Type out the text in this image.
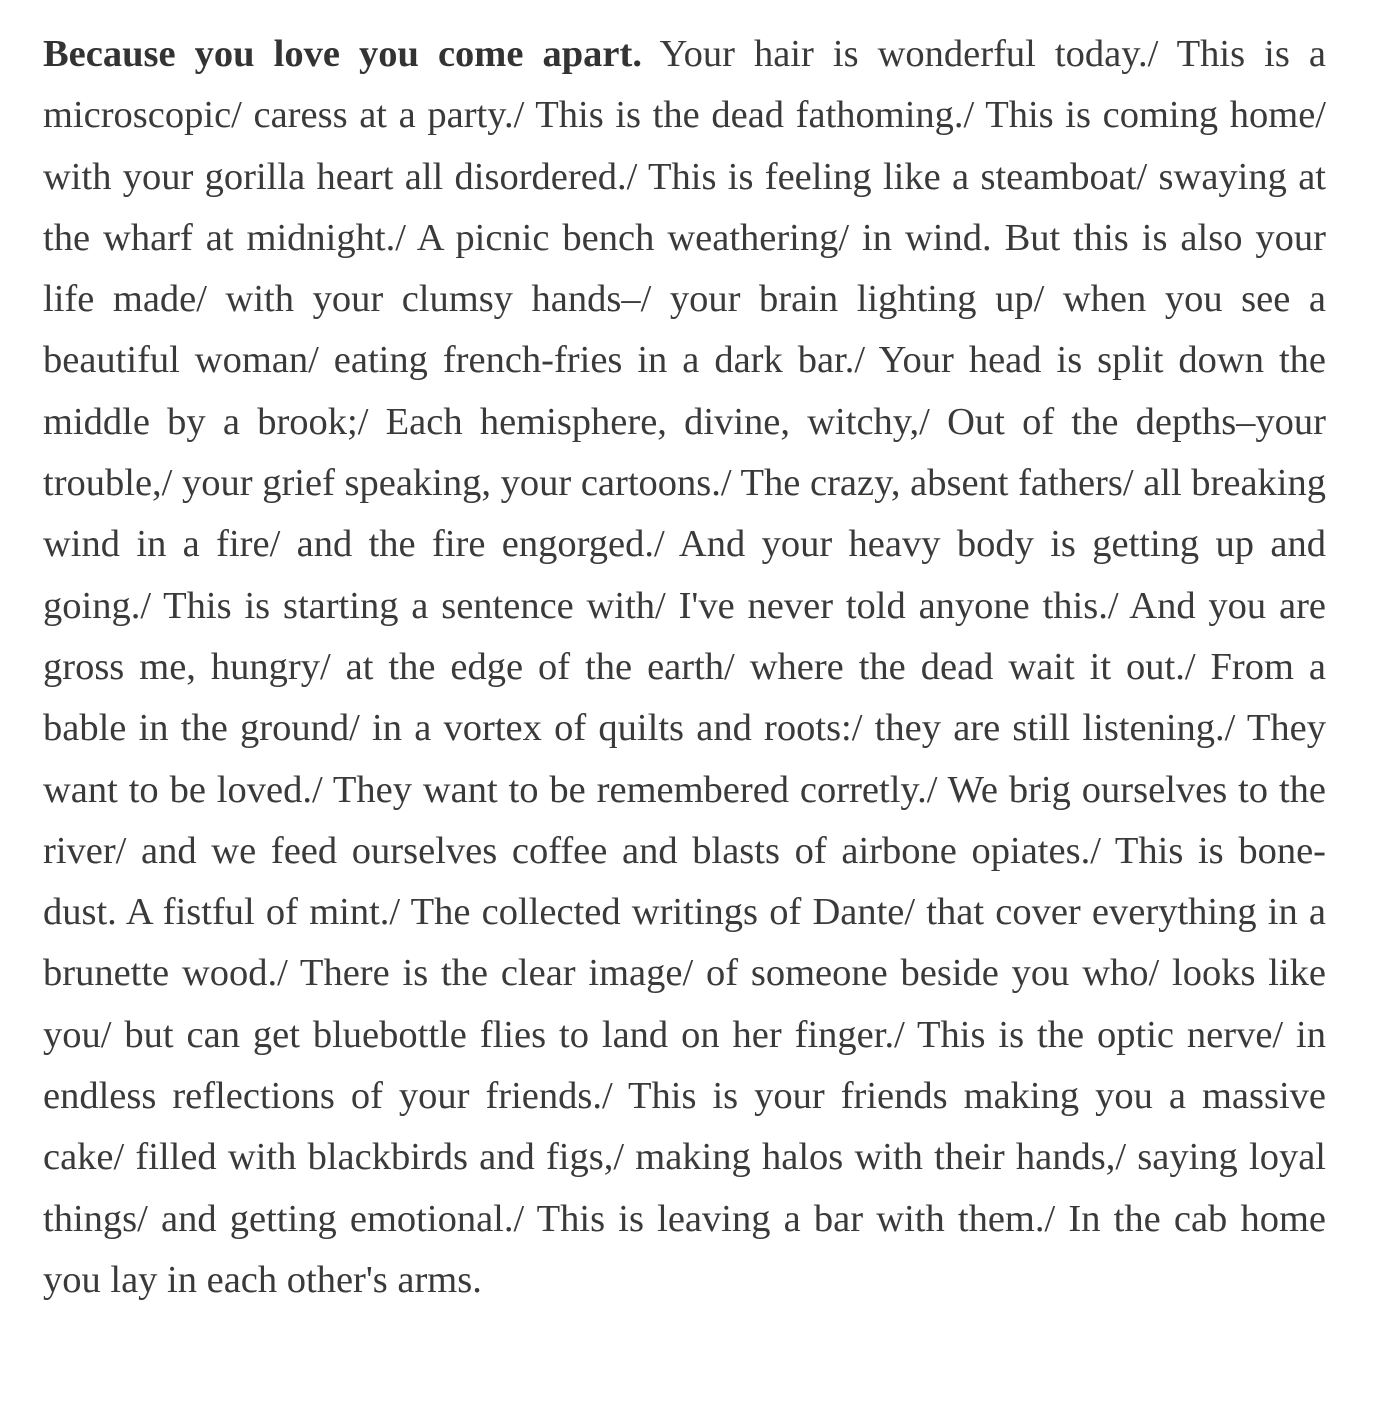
Because you love you come apart. Your hair is wonderful today./ This is a microscopic/ caress at a party./ This is the dead fathoming./ This is coming home/ with your gorilla heart all disordered./ This is feeling like a steamboat/ swaying at the wharf at midnight./ A picnic bench weathering/ in wind. But this is also your life made/ with your clumsy hands–/ your brain lighting up/ when you see a beautiful woman/ eating french-fries in a dark bar./ Your head is split down the middle by a brook;/ Each hemisphere, divine, witchy,/ Out of the depths–your trouble,/ your grief speaking, your cartoons./ The crazy, absent fathers/ all breaking wind in a fire/ and the fire engorged./ And your heavy body is getting up and going./ This is starting a sentence with/ I've never told anyone this./ And you are gross me, hungry/ at the edge of the earth/ where the dead wait it out./ From a bable in the ground/ in a vortex of quilts and roots:/ they are still listening./ They want to be loved./ They want to be remembered corretly./ We brig ourselves to the river/ and we feed ourselves coffee and blasts of airbone opiates./ This is bone-dust. A fistful of mint./ The collected writings of Dante/ that cover everything in a brunette wood./ There is the clear image/ of someone beside you who/ looks like you/ but can get bluebottle flies to land on her finger./ This is the optic nerve/ in endless reflections of your friends./ This is your friends making you a massive cake/ filled with blackbirds and figs,/ making halos with their hands,/ saying loyal things/ and getting emotional./ This is leaving a bar with them./ In the cab home you lay in each other's arms.
